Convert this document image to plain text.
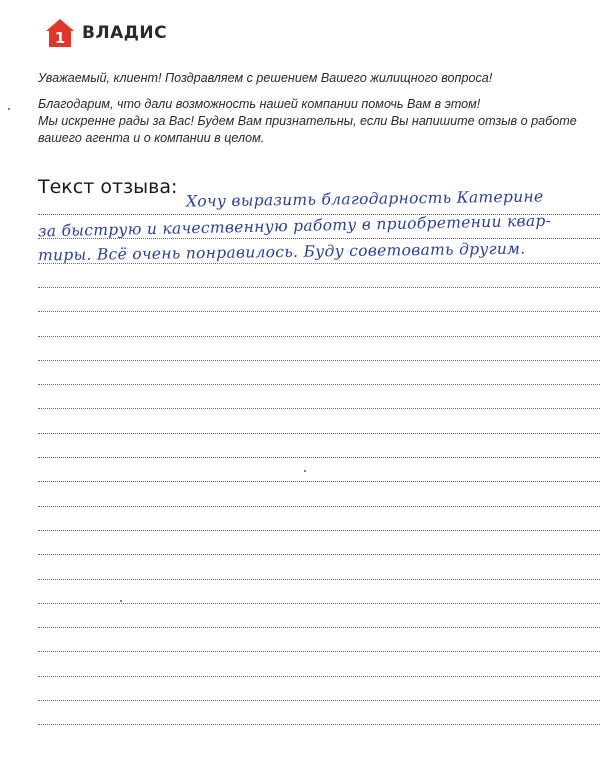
1 ВЛАДИС

Уважаемый, клиент! Поздравляем с решением Вашего жилищного вопроса!

Благодарим, что дали возможность нашей компании помочь Вам в этом!

Мы искренне рады за Вас! Будем Вам признательны, если Вы напишите отзыв о работе

вашего агента и о компании в целом.

Текст отзыва:
Хочу выразить благодарность Катерине
за быструю и качественную работу в приобретении квар-
тиры. Всё очень понравилось. Буду советовать другим.
